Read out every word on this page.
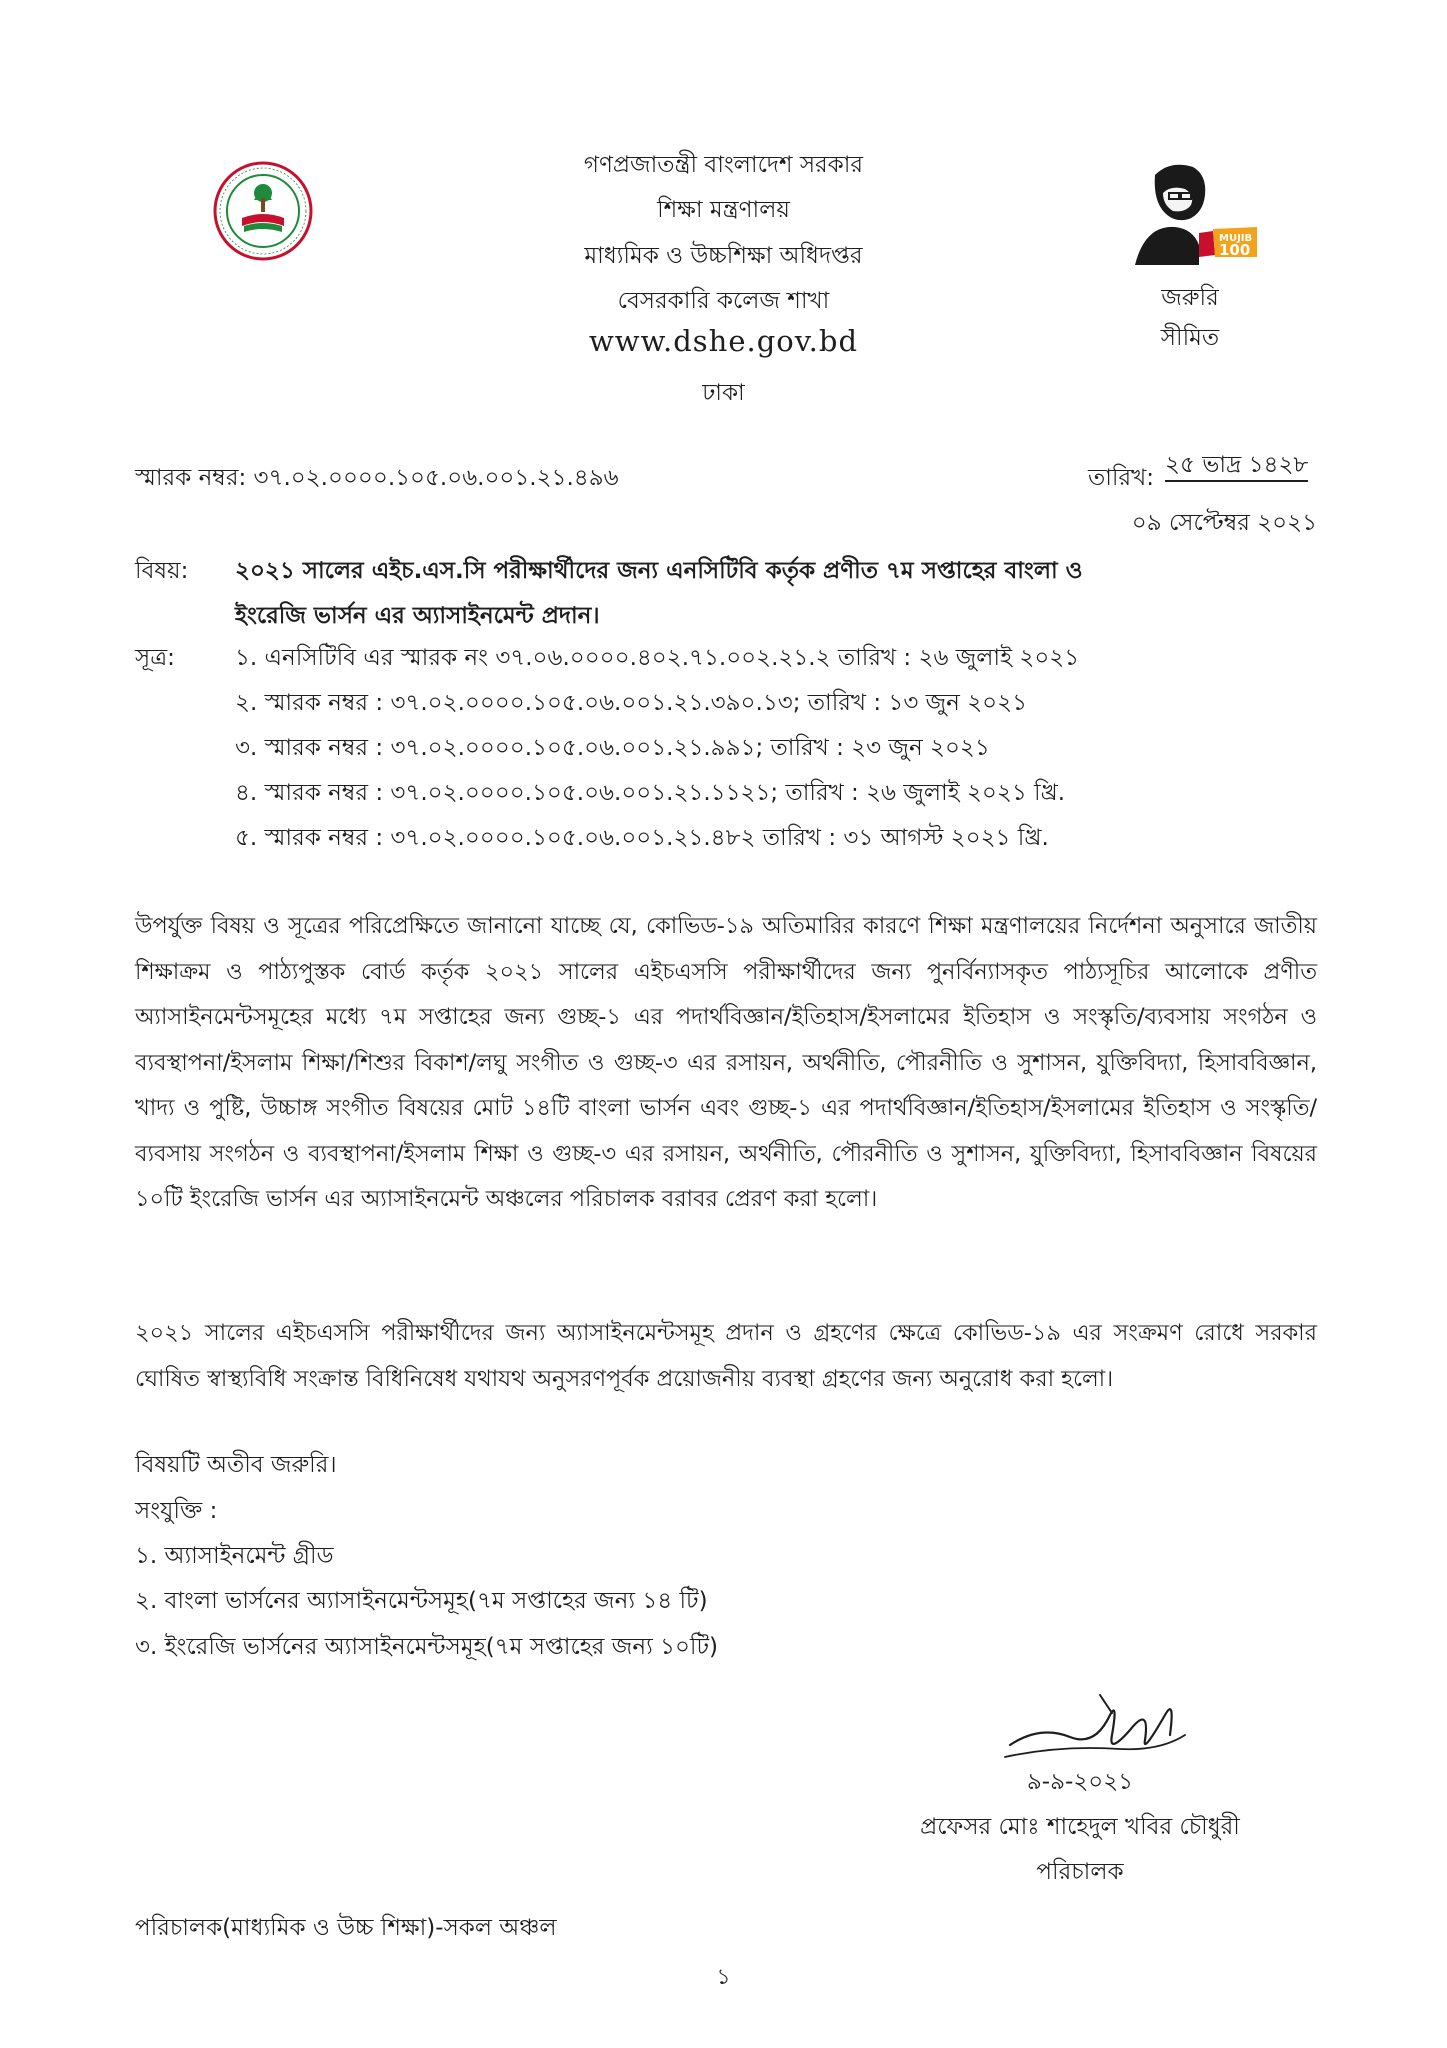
MUJIB
100
গণপ্রজাতন্ত্রী বাংলাদেশ সরকার
শিক্ষা মন্ত্রণালয়
মাধ্যমিক ও উচ্চশিক্ষা অধিদপ্তর
বেসরকারি কলেজ শাখা
www.dshe.gov.bd
ঢাকা
জরুরি
সীমিত
স্মারক নম্বর: ৩৭.০২.০০০০.১০৫.০৬.০০১.২১.৪৯৬	তারিখ: ২৫ ভাদ্র ১৪২৮
০৯ সেপ্টেম্বর ২০২১
বিষয়: ২০২১ সালের এইচ.এস.সি পরীক্ষার্থীদের জন্য এনসিটিবি কর্তৃক প্রণীত ৭ম সপ্তাহের বাংলা ও
ইংরেজি ভার্সন এর অ্যাসাইনমেন্ট প্রদান।
সূত্র:	১. এনসিটিবি এর স্মারক নং ৩৭.০৬.০০০০.৪০২.৭১.০০২.২১.২ তারিখ : ২৬ জুলাই ২০২১
২. স্মারক নম্বর : ৩৭.০২.০০০০.১০৫.০৬.০০১.২১.৩৯০.১৩; তারিখ : ১৩ জুন ২০২১
৩. স্মারক নম্বর : ৩৭.০২.০০০০.১০৫.০৬.০০১.২১.৯৯১; তারিখ : ২৩ জুন ২০২১
৪. স্মারক নম্বর : ৩৭.০২.০০০০.১০৫.০৬.০০১.২১.১১২১; তারিখ : ২৬ জুলাই ২০২১ খ্রি.
৫. স্মারক নম্বর : ৩৭.০২.০০০০.১০৫.০৬.০০১.২১.৪৮২ তারিখ : ৩১ আগস্ট ২০২১ খ্রি.
উপর্যুক্ত বিষয় ও সূত্রের পরিপ্রেক্ষিতে জানানো যাচ্ছে যে, কোভিড-১৯ অতিমারির কারণে শিক্ষা মন্ত্রণালয়ের নির্দেশনা অনুসারে জাতীয় শিক্ষাক্রম ও পাঠ্যপুস্তক বোর্ড কর্তৃক ২০২১ সালের এইচএসসি পরীক্ষার্থীদের জন্য পুনর্বিন্যাসকৃত পাঠ্যসূচির আলোকে প্রণীত অ্যাসাইনমেন্টসমূহের মধ্যে ৭ম সপ্তাহের জন্য গুচ্ছ-১ এর পদার্থবিজ্ঞান/ইতিহাস/ইসলামের ইতিহাস ও সংস্কৃতি/ব্যবসায় সংগঠন ও ব্যবস্থাপনা/ইসলাম শিক্ষা/শিশুর বিকাশ/লঘু সংগীত ও গুচ্ছ-৩ এর রসায়ন, অর্থনীতি, পৌরনীতি ও সুশাসন, যুক্তিবিদ্যা, হিসাববিজ্ঞান, খাদ্য ও পুষ্টি, উচ্চাঙ্গ সংগীত বিষয়ের মোট ১৪টি বাংলা ভার্সন এবং গুচ্ছ-১ এর পদার্থবিজ্ঞান/ইতিহাস/ইসলামের ইতিহাস ও সংস্কৃতি/ব্যবসায় সংগঠন ও ব্যবস্থাপনা/ইসলাম শিক্ষা ও গুচ্ছ-৩ এর রসায়ন, অর্থনীতি, পৌরনীতি ও সুশাসন, যুক্তিবিদ্যা, হিসাববিজ্ঞান বিষয়ের ১০টি ইংরেজি ভার্সন এর অ্যাসাইনমেন্ট অঞ্চলের পরিচালক বরাবর প্রেরণ করা হলো।
২০২১ সালের এইচএসসি পরীক্ষার্থীদের জন্য অ্যাসাইনমেন্টসমূহ প্রদান ও গ্রহণের ক্ষেত্রে কোভিড-১৯ এর সংক্রমণ রোধে সরকার ঘোষিত স্বাস্থ্যবিধি সংক্রান্ত বিধিনিষেধ যথাযথ অনুসরণপূর্বক প্রয়োজনীয় ব্যবস্থা গ্রহণের জন্য অনুরোধ করা হলো।
বিষয়টি অতীব জরুরি।
সংযুক্তি :
১. অ্যাসাইনমেন্ট গ্রীড
২. বাংলা ভার্সনের অ্যাসাইনমেন্টসমূহ(৭ম সপ্তাহের জন্য ১৪ টি)
৩. ইংরেজি ভার্সনের অ্যাসাইনমেন্টসমূহ(৭ম সপ্তাহের জন্য ১০টি)
৯-৯-২০২১
প্রফেসর মোঃ শাহেদুল খবির চৌধুরী
পরিচালক
পরিচালক(মাধ্যমিক ও উচ্চ শিক্ষা)-সকল অঞ্চল
১
